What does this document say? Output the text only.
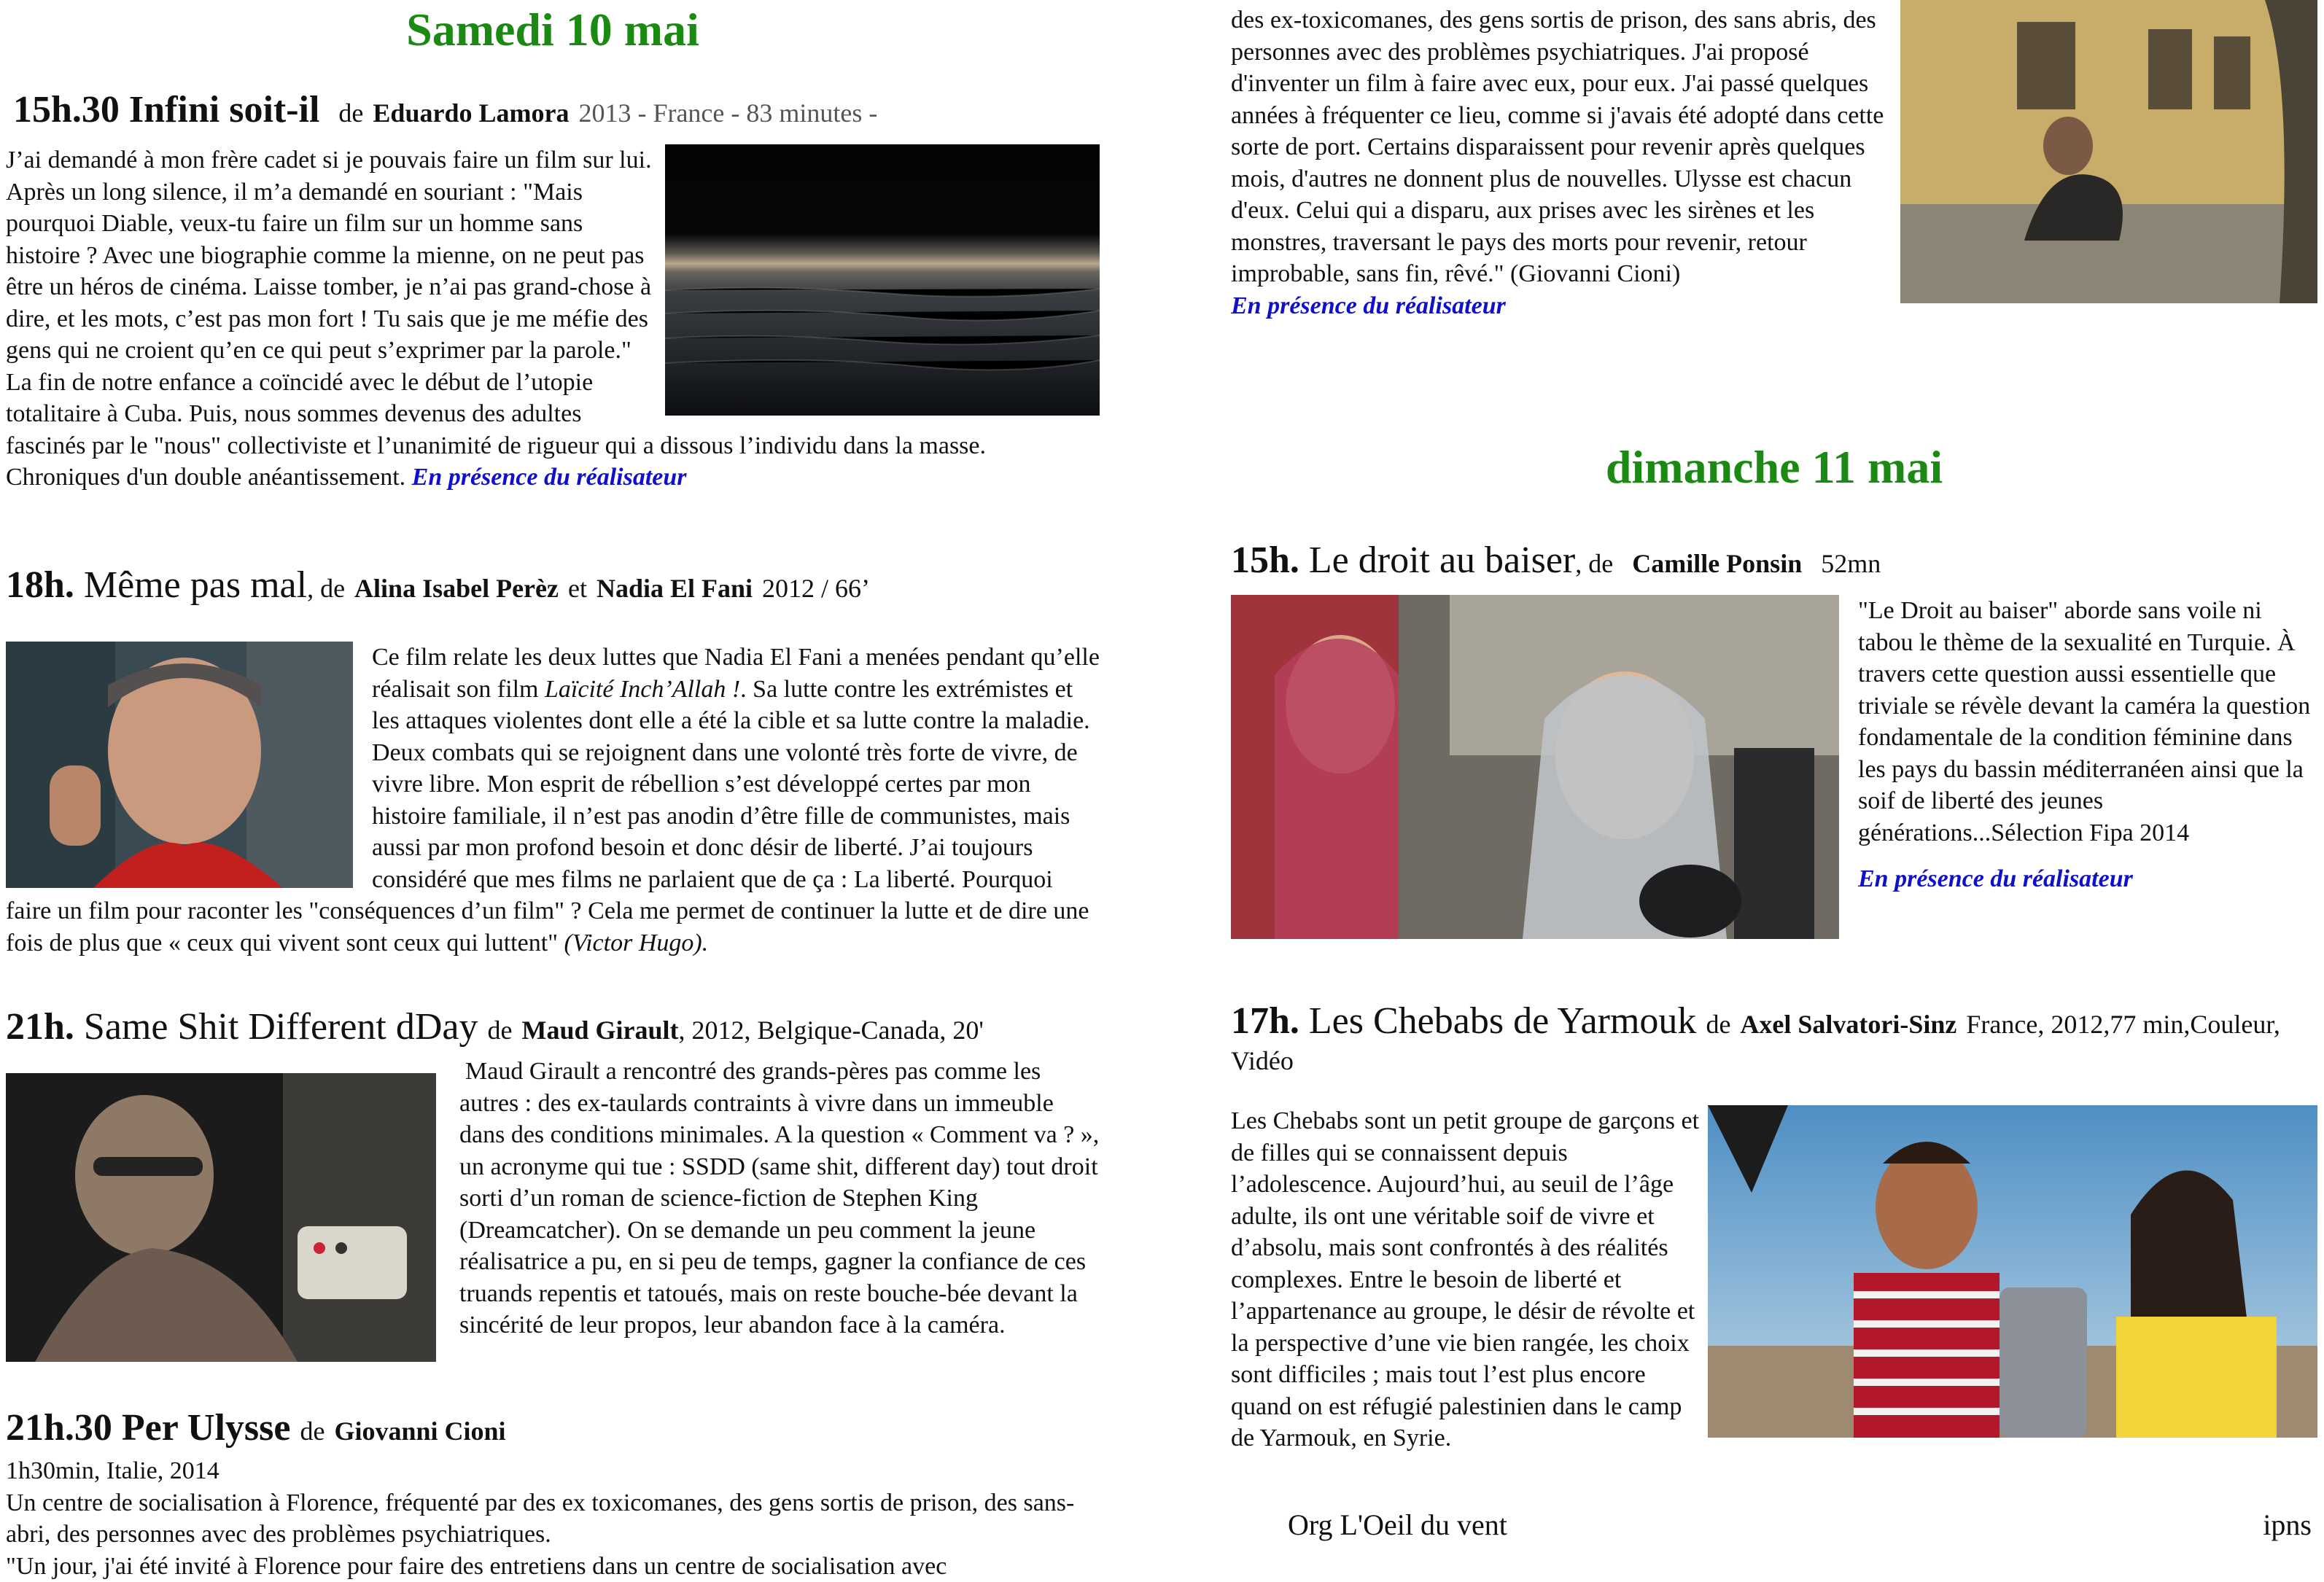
Samedi 10 mai
15h.30 Infini soit-il de Eduardo Lamora 2013 - France - 83 minutes -

J’ai demandé à mon frère cadet si je pouvais faire un film sur lui. Après un long silence, il m’a demandé en souriant : "Mais pourquoi Diable, veux-tu faire un film sur un homme sans histoire ? Avec une biographie comme la mienne, on ne peut pas être un héros de cinéma. Laisse tomber, je n’ai pas grand-chose à dire, et les mots, c’est pas mon fort ! Tu sais que je me méfie des gens qui ne croient qu’en ce qui peut s’exprimer par la parole." La fin de notre enfance a coïncidé avec le début de l’utopie totalitaire à Cuba. Puis, nous sommes devenus des adultes fascinés par le "nous" collectiviste et l’unanimité de rigueur qui a dissous l’individu dans la masse. Chroniques d'un double anéantissement. En présence du réalisateur

18h. Même pas mal, de Alina Isabel Perèz et Nadia El Fani 2012 / 66’

Ce film relate les deux luttes que Nadia El Fani a menées pendant qu’elle réalisait son film Laïcité Inch’Allah !. Sa lutte contre les extrémistes et les attaques violentes dont elle a été la cible et sa lutte contre la maladie. Deux combats qui se rejoignent dans une volonté très forte de vivre, de vivre libre. Mon esprit de rébellion s’est développé certes par mon histoire familiale, il n’est pas anodin d’être fille de communistes, mais aussi par mon profond besoin et donc désir de liberté. J’ai toujours considéré que mes films ne parlaient que de ça : La liberté. Pourquoi faire un film pour raconter les "conséquences d’un film" ? Cela me permet de continuer la lutte et de dire une fois de plus que « ceux qui vivent sont ceux qui luttent" (Victor Hugo).

21h. Same Shit Different dDay de Maud Girault, 2012, Belgique-Canada, 20'

Maud Girault a rencontré des grands-pères pas comme les autres : des ex-taulards contraints à vivre dans un immeuble dans des conditions minimales. A la question « Comment va ? », un acronyme qui tue : SSDD (same shit, different day) tout droit sorti d’un roman de science-fiction de Stephen King (Dreamcatcher). On se demande un peu comment la jeune réalisatrice a pu, en si peu de temps, gagner la confiance de ces truands repentis et tatoués, mais on reste bouche-bée devant la sincérité de leur propos, leur abandon face à la caméra.

21h.30 Per Ulysse de Giovanni Cioni

1h30min, Italie, 2014

Un centre de socialisation à Florence, fréquenté par des ex toxicomanes, des gens sortis de prison, des sans-abri, des personnes avec des problèmes psychiatriques.

"Un jour, j'ai été invité à Florence pour faire des entretiens dans un centre de socialisation avec

des ex-toxicomanes, des gens sortis de prison, des sans abris, des personnes avec des problèmes psychiatriques. J'ai proposé d'inventer un film à faire avec eux, pour eux. J'ai passé quelques années à fréquenter ce lieu, comme si j'avais été adopté dans cette sorte de port. Certains disparaissent pour revenir après quelques mois, d'autres ne donnent plus de nouvelles. Ulysse est chacun d'eux. Celui qui a disparu, aux prises avec les sirènes et les monstres, traversant le pays des morts pour revenir, retour improbable, sans fin, rêvé." (Giovanni Cioni)
En présence du réalisateur

dimanche 11 mai
15h. Le droit au baiser, de Camille Ponsin 52mn

"Le Droit au baiser" aborde sans voile ni tabou le thème de la sexualité en Turquie. À travers cette question aussi essentielle que triviale se révèle devant la caméra la question fondamentale de la condition féminine dans les pays du bassin méditerranéen ainsi que la soif de liberté des jeunes générations...Sélection Fipa 2014

En présence du réalisateur

17h. Les Chebabs de Yarmouk de Axel Salvatori-Sinz France, 2012,77 min,Couleur, Vidéo

Les Chebabs sont un petit groupe de garçons et de filles qui se connaissent depuis l’adolescence. Aujourd’hui, au seuil de l’âge adulte, ils ont une véritable soif de vivre et d’absolu, mais sont confrontés à des réalités complexes. Entre le besoin de liberté et l’appartenance au groupe, le désir de révolte et la perspective d’une vie bien rangée, les choix sont difficiles ; mais tout l’est plus encore quand on est réfugié palestinien dans le camp de Yarmouk, en Syrie.

Org L'Oeil du vent	ipns
